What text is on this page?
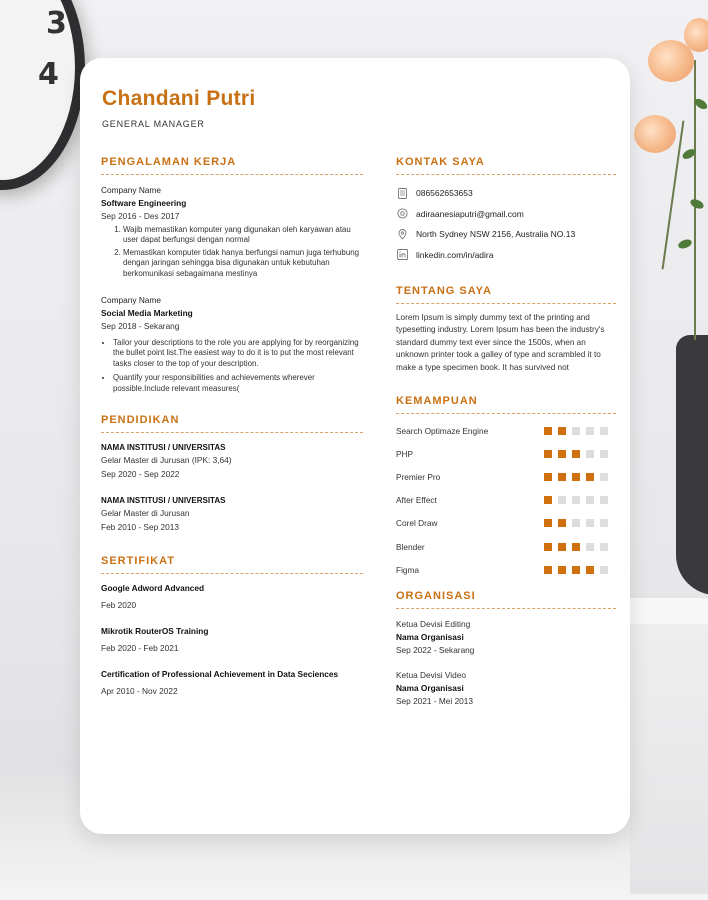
3
4
Chandani Putri
GENERAL MANAGER
PENGALAMAN KERJA
Company Name
Software Engineering
Sep 2016 - Des 2017
1. Wajib memastikan komputer yang digunakan oleh karyawan atau user dapat berfungsi dengan normal
2. Memastikan komputer tidak hanya berfungsi namun juga terhubung dengan jaringan sehingga bisa digunakan untuk kebutuhan berkomunikasi sebagaimana mestinya
Company Name
Social Media Marketing
Sep 2018 - Sekarang
• Tailor your descriptions to the role you are applying for by reorganizing the bullet point list.The easiest way to do it is to put the most relevant tasks closer to the top of your description.
• Quantify your responsibilities and achievements wherever possible.Include relevant measures(
PENDIDIKAN
NAMA INSTITUSI / UNIVERSITAS
Gelar Master di Jurusan (IPK: 3,64)
Sep 2020 - Sep 2022
NAMA INSTITUSI / UNIVERSITAS
Gelar Master di Jurusan
Feb 2010 - Sep 2013
SERTIFIKAT
Google Adword Advanced
Feb 2020
Mikrotik RouterOS Training
Feb 2020 - Feb 2021
Certification of Professional Achievement in Data Seciences
Apr 2010 - Nov 2022
KONTAK SAYA
086562653653
adiraanesiaputri@gmail.com
North Sydney NSW 2156, Australia NO.13
linkedin.com/in/adira
TENTANG SAYA
Lorem Ipsum is simply dummy text of the printing and typesetting industry. Lorem Ipsum has been the industry's standard dummy text ever since the 1500s, when an unknown printer took a galley of type and scrambled it to make a type specimen book. It has survived not
KEMAMPUAN
Search Optimaze Engine
PHP
Premier Pro
After Effect
Corel Draw
Blender
Figma
ORGANISASI
Ketua Devisi Editing
Nama Organisasi
Sep 2022 - Sekarang
Ketua Devisi Video
Nama Organisasi
Sep 2021 - Mei 2013
